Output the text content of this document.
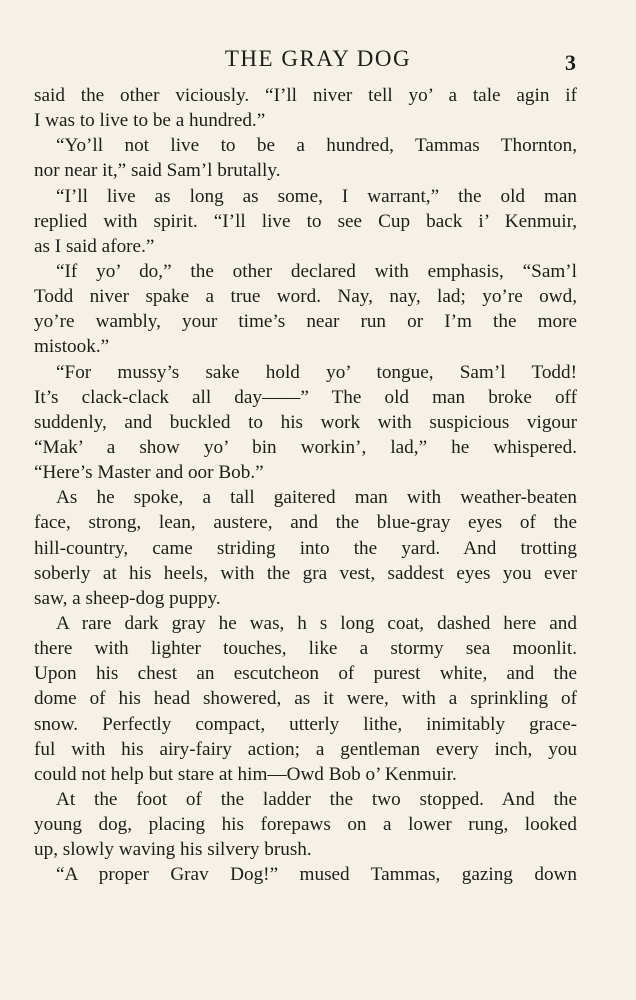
THE GRAY DOG	3
said the other viciously. “I’ll niver tell yo’ a tale agin if
I was to live to be a hundred.”
“Yo’ll not live to be a hundred, Tammas Thornton,
nor near it,” said Sam’l brutally.
“I’ll live as long as some, I warrant,” the old man
replied with spirit. “I’ll live to see Cup back i’ Kenmuir,
as I said afore.”
“If yo’ do,” the other declared with emphasis, “Sam’l
Todd niver spake a true word. Nay, nay, lad; yo’re owd,
yo’re wambly, your time’s near run or I’m the more
mistook.”
“For mussy’s sake hold yo’ tongue, Sam’l Todd!
It’s clack-clack all day——” The old man broke off
suddenly, and buckled to his work with suspicious vigour
“Mak’ a show yo’ bin workin’, lad,” he whispered.
“Here’s Master and oor Bob.”
As he spoke, a tall gaitered man with weather-beaten
face, strong, lean, austere, and the blue-gray eyes of the
hill-country, came striding into the yard. And trotting
soberly at his heels, with the gra vest, saddest eyes you ever
saw, a sheep-dog puppy.
A rare dark gray he was, h s long coat, dashed here and
there with lighter touches, like a stormy sea moonlit.
Upon his chest an escutcheon of purest white, and the
dome of his head showered, as it were, with a sprinkling of
snow. Perfectly compact, utterly lithe, inimitably grace-
ful with his airy-fairy action; a gentleman every inch, you
could not help but stare at him—Owd Bob o’ Kenmuir.
At the foot of the ladder the two stopped. And the
young dog, placing his forepaws on a lower rung, looked
up, slowly waving his silvery brush.
“A proper Grav Dog!” mused Tammas, gazing down
